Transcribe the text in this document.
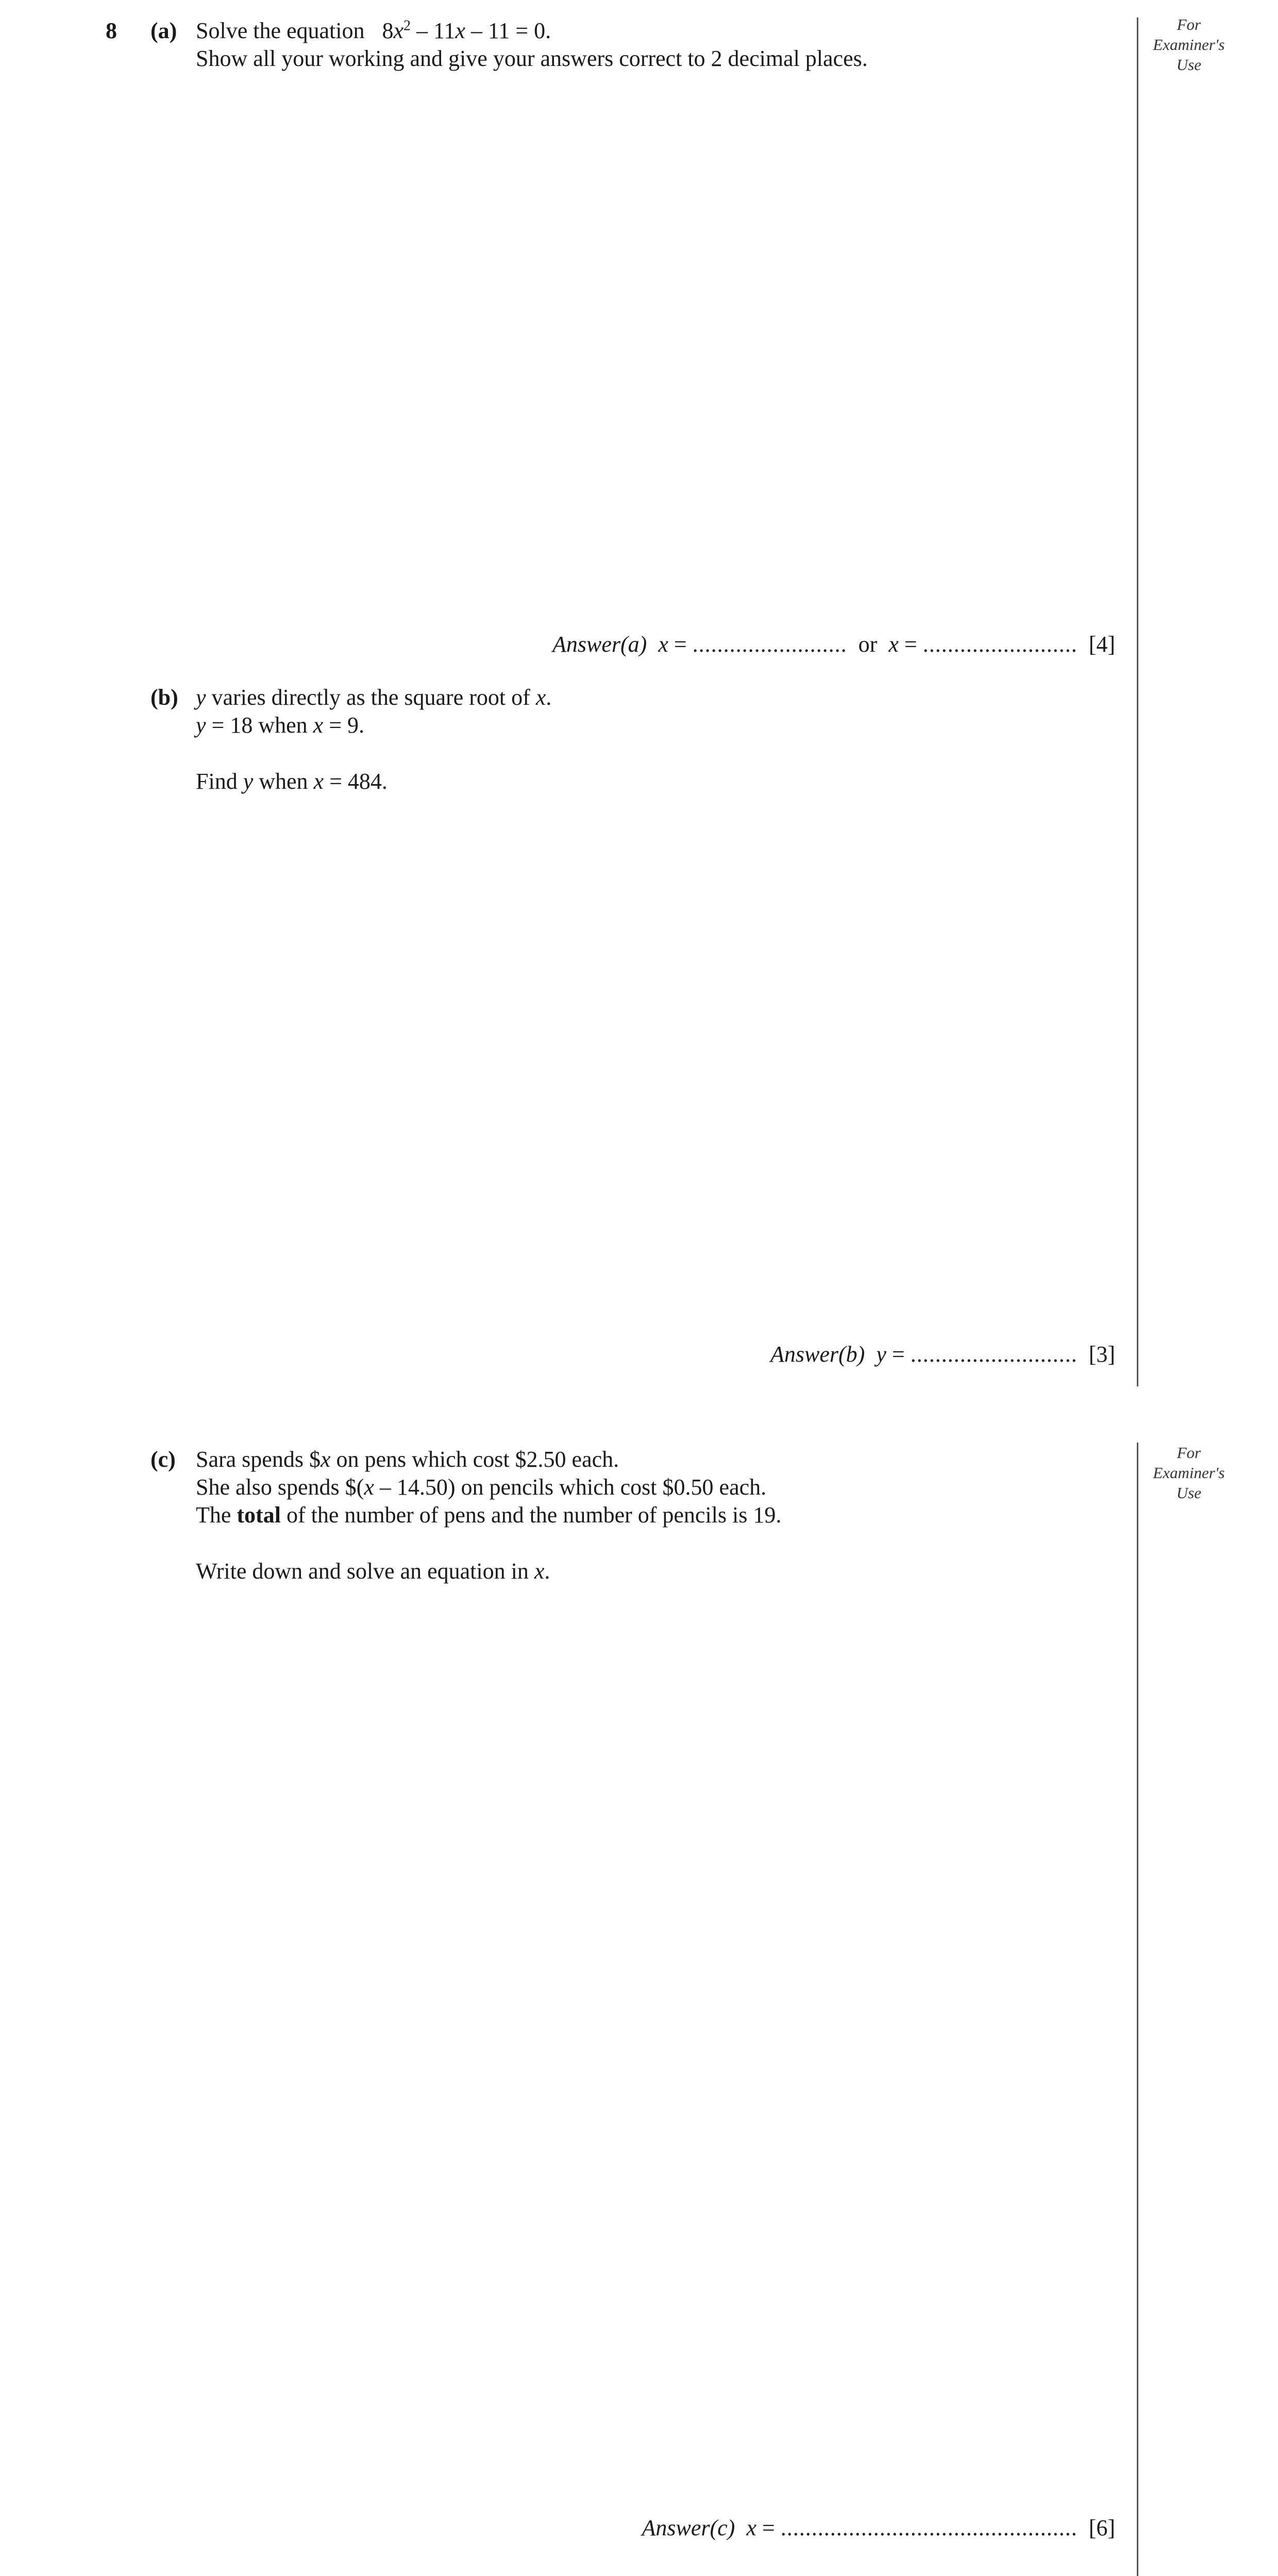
8 (a) Solve the equation $8x^2 - 11x - 11 = 0$.
Show all your working and give your answers correct to 2 decimal places.
Answer(a) x = ......................... or x = ......................... [4]
(b) y varies directly as the square root of x.
y = 18 when x = 9.
Find y when x = 484.
Answer(b) y = ........................... [3]
(c) Sara spends $x on pens which cost $2.50 each.
She also spends $(x – 14.50) on pencils which cost $0.50 each.
The total of the number of pens and the number of pencils is 19.
Write down and solve an equation in x.
Answer(c) x = ................................................ [6]
For
Examiner's
Use
For
Examiner's
Use
